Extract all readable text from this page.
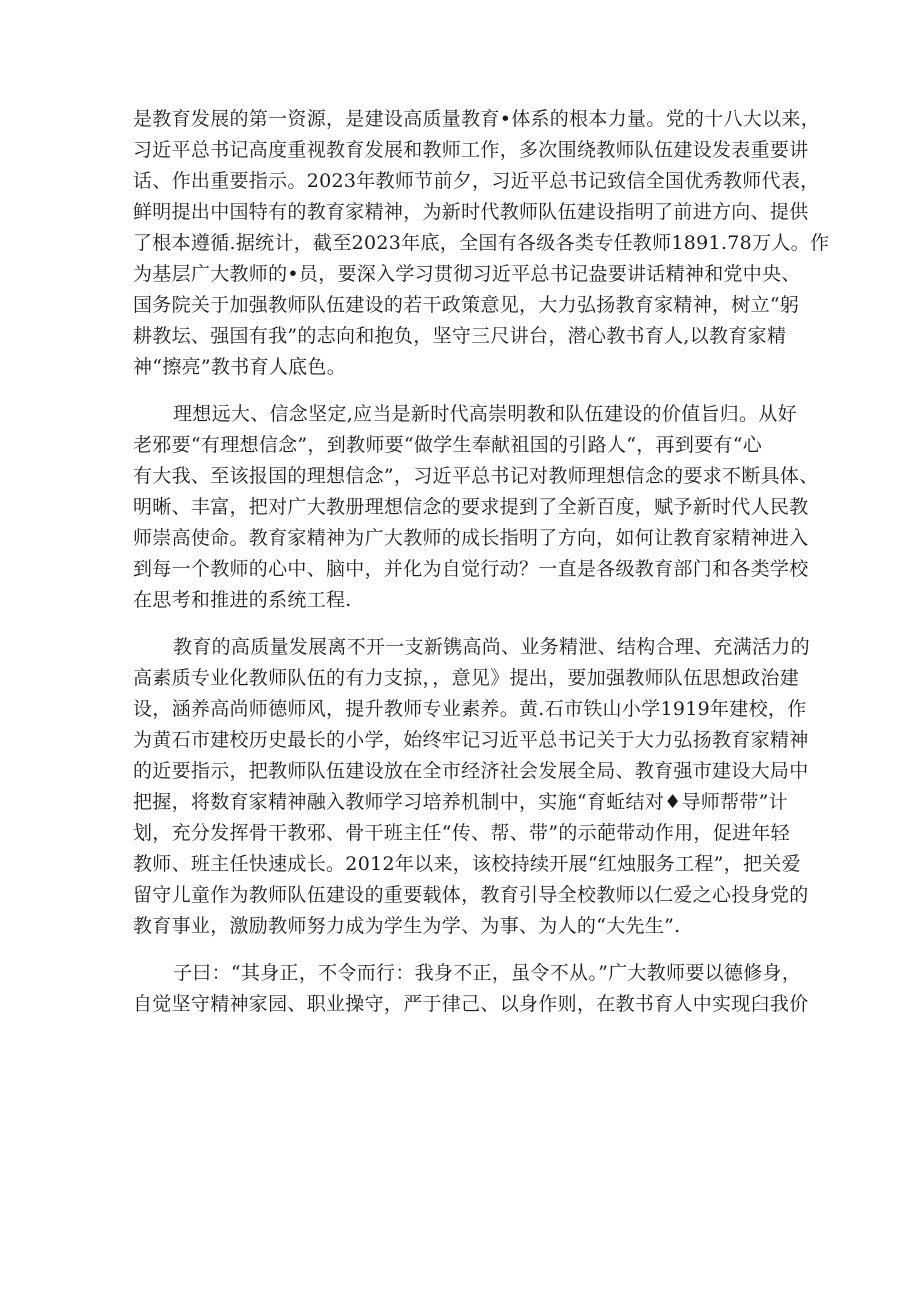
是教育发展的第一资源，是建设高质量教育•体系的根本力量。党的十八大以来，
习近平总书记高度重视教育发展和教师工作，多次围绕教师队伍建设发表重要讲
话、作出重要指示。2023年教师节前夕，习近平总书记致信全国优秀教师代表，
鲜明提出中国特有的教育家精神，为新时代教师队伍建设指明了前进方向、提供
了根本遵循.据统计，截至2023年底，全国有各级各类专任教师1891.78万人。作
为基层广大教师的•员，要深入学习贯彻习近平总书记盎要讲话精神和党中央、
国务院关于加强教师队伍建设的若干政策意见，大力弘扬教育家精神，树立“躬
耕教坛、强国有我”的志向和抱负，坚守三尺讲台，潜心教书育人,以教育家精
神“擦亮”教书育人底色。
理想远大、信念坚定,应当是新时代高崇明教和队伍建设的价值旨归。从好
老邪要“有理想信念”，到教师要“做学生奉献祖国的引路人“，再到要有“心
有大我、至该报国的理想信念”，习近平总书记对教师理想信念的要求不断具体、
明晰、丰富，把对广大教册理想信念的要求提到了全新百度，赋予新时代人民教
师崇高使命。教育家精神为广大教师的成长指明了方向，如何让教育家精神进入
到每一个教师的心中、脑中，并化为自觉行动？一直是各级教育部门和各类学校
在思考和推进的系统工程.
教育的高质量发展离不开一支新镌高尚、业务精泄、结构合理、充满活力的
高素质专业化教师队伍的有力支掠，，意见》提出，要加强教师队伍思想政治建
设，涵养高尚师德师风，提升教师专业素养。黄.石市铁山小学1919年建校，作
为黄石市建校历史最长的小学，始终牢记习近平总书记关于大力弘扬教育家精神
的近要指示，把教师队伍建设放在全市经济社会发展全局、教育强市建设大局中
把握，将数育家精神融入教师学习培养机制中，实施“育蚯结对♦导师帮带”计
划，充分发挥骨干教邪、骨干班主任“传、帮、带”的示葩带动作用，促进年轻
教师、班主任快速成长。2012年以来，该校持续开展“红烛服务工程”，把关爱
留守儿童作为教师队伍建设的重要载体，教育引导全校教师以仁爱之心投身党的
教育事业，激励教师努力成为学生为学、为事、为人的“大先生”.
子曰：“其身正，不令而行：我身不正，虽令不从。”广大教师要以德修身，
自觉坚守精神家园、职业操守，严于律己、以身作则，在教书育人中实现臼我价
